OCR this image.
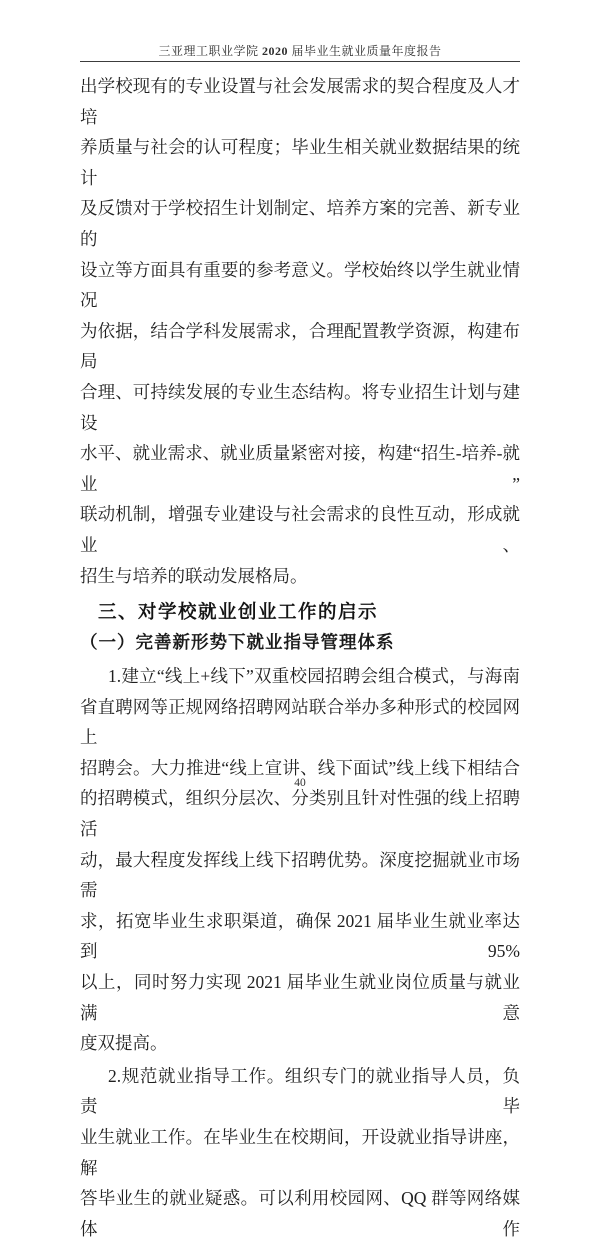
三亚理工职业学院 2020 届毕业生就业质量年度报告
出学校现有的专业设置与社会发展需求的契合程度及人才培
养质量与社会的认可程度；毕业生相关就业数据结果的统计
及反馈对于学校招生计划制定、培养方案的完善、新专业的
设立等方面具有重要的参考意义。学校始终以学生就业情况
为依据，结合学科发展需求，合理配置教学资源，构建布局
合理、可持续发展的专业生态结构。将专业招生计划与建设
水平、就业需求、就业质量紧密对接，构建“招生-培养-就业”
联动机制，增强专业建设与社会需求的良性互动，形成就业、
招生与培养的联动发展格局。
三、对学校就业创业工作的启示
（一）完善新形势下就业指导管理体系
1.建立“线上+线下”双重校园招聘会组合模式，与海南
省直聘网等正规网络招聘网站联合举办多种形式的校园网上
招聘会。大力推进“线上宣讲、线下面试”线上线下相结合
的招聘模式，组织分层次、分类别且针对性强的线上招聘活
动，最大程度发挥线上线下招聘优势。深度挖掘就业市场需
求，拓宽毕业生求职渠道，确保 2021 届毕业生就业率达到 95%
以上，同时努力实现 2021 届毕业生就业岗位质量与就业满意
度双提高。
2.规范就业指导工作。组织专门的就业指导人员，负责毕
业生就业工作。在毕业生在校期间，开设就业指导讲座，解
答毕业生的就业疑惑。可以利用校园网、QQ 群等网络媒体作
40
